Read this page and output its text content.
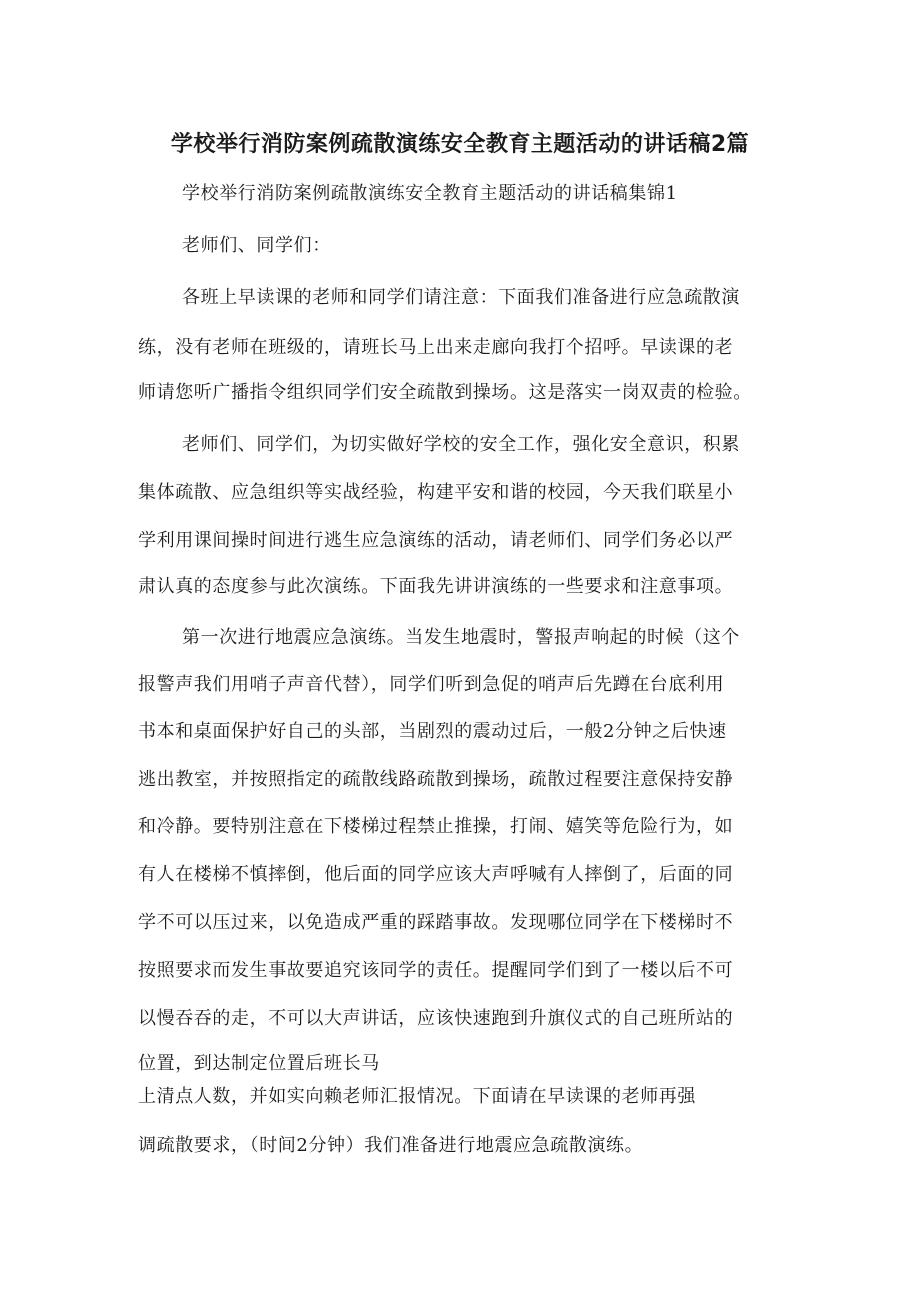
学校举行消防案例疏散演练安全教育主题活动的讲话稿2篇
学校举行消防案例疏散演练安全教育主题活动的讲话稿集锦1
老师们、同学们：
各班上早读课的老师和同学们请注意：下面我们准备进行应急疏散演
练，没有老师在班级的，请班长马上出来走廊向我打个招呼。早读课的老
师请您听广播指令组织同学们安全疏散到操场。这是落实一岗双责的检验。
老师们、同学们，为切实做好学校的安全工作，强化安全意识，积累
集体疏散、应急组织等实战经验，构建平安和谐的校园，今天我们联星小
学利用课间操时间进行逃生应急演练的活动，请老师们、同学们务必以严
肃认真的态度参与此次演练。下面我先讲讲演练的一些要求和注意事项。
第一次进行地震应急演练。当发生地震时，警报声响起的时候（这个
报警声我们用哨子声音代替），同学们听到急促的哨声后先蹲在台底利用
书本和桌面保护好自己的头部，当剧烈的震动过后，一般2分钟之后快速
逃出教室，并按照指定的疏散线路疏散到操场，疏散过程要注意保持安静
和冷静。要特别注意在下楼梯过程禁止推操，打闹、嬉笑等危险行为，如
有人在楼梯不慎摔倒，他后面的同学应该大声呼喊有人摔倒了，后面的同
学不可以压过来，以免造成严重的踩踏事故。发现哪位同学在下楼梯时不
按照要求而发生事故要追究该同学的责任。提醒同学们到了一楼以后不可
以慢吞吞的走，不可以大声讲话，应该快速跑到升旗仪式的自己班所站的
位置，到达制定位置后班长马
上清点人数，并如实向赖老师汇报情况。下面请在早读课的老师再强
调疏散要求，（时间2分钟）我们准备进行地震应急疏散演练。
